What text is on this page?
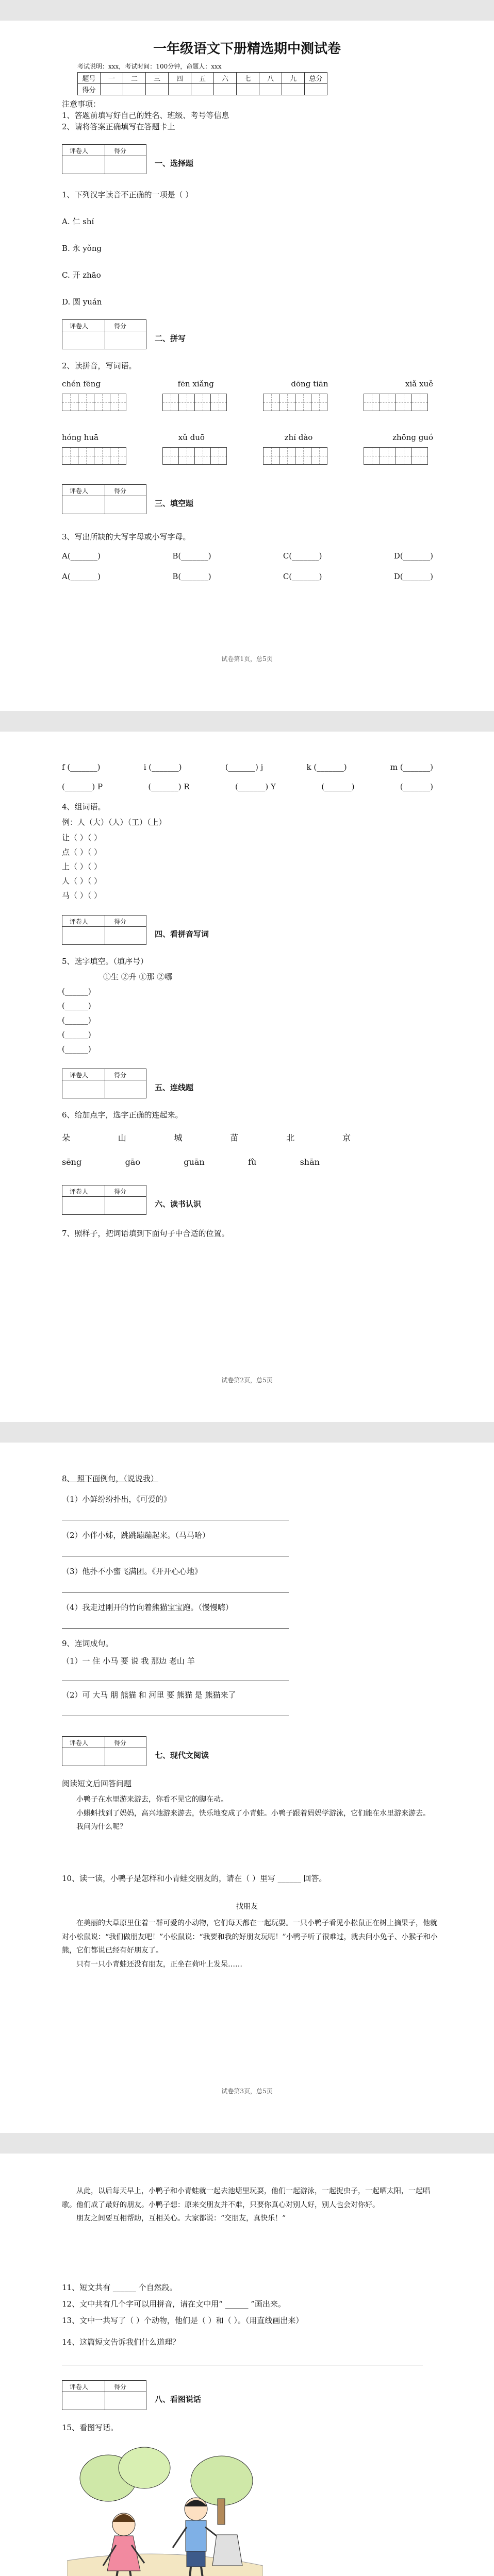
一年级语文下册精选期中测试卷
考试说明：xxx，考试时间：100分钟，命题人：xxx
题号	一	二	三	四	五	六	七	八	九	总分
得分										
注意事项：
1、答题前填写好自己的姓名、班级、考号等信息
2、请将答案正确填写在答题卡上
评卷人	得分
一、选择题
1、下列汉字读音不正确的一项是（ ）
A. 仁 shí
B. 永 yǒng
C. 开 zhāo
D. 圆 yuán
评卷人	得分
二、拼写
2、读拼音，写词语。
chén fēng	fēn xiǎng	dōng tiān	xiǎ xuě
hóng huā	xǔ duō	zhí dào	zhōng guó
评卷人	得分
三、填空题
3、写出所缺的大写字母或小写字母。
A(_______)	B(_______)	C(_______)	D(_______)
A(_______)	B(_______)	C(_______)	D(_______)
试卷第1页，总5页
f (_______)	i (_______)	(_______) j	k (_______)	m (_______)
(_______) P	(_______) R	(_______) Y	(_______)	(_______)
4、组词语。
例：人（大）（人）（工）（上）
让（ ）（ ）
点（ ）（ ）
上（ ）（ ）
人（ ）（ ）
马（ ）（ ）
评卷人	得分
四、看拼音写词
5、选字填空。（填序号）
①生 ②升 ①那 ②哪
(______)
(______)
(______)
(______)
(______)
评卷人	得分
五、连线题
6、给加点字，选字正确的连起来。
朵	山	城	苗	北	京
sēng	gāo	guān	fù	shān
评卷人	得分
六、读书认识
7、照样子，把词语填到下面句子中合适的位置。
试卷第2页，总5页
8、 照下面例句，（说说我）
（1）小鲜纷纷扑出，《可爱的》
（2）小伴小姊，跳跳蹦蹦起来。（马马哈）
（3）他扑不小蜜飞满团。《开开心心地》
（4）我走过刚开的竹向着熊猫宝宝跑。（慢慢嗨）
9、连词成句。
（1）一 住 小马 要 说 我 那边 老山 羊
（2）可 大马 朋 熊猫 和 河里 要 熊猫 是 熊猫来了
评卷人	得分
七、现代文阅读
阅读短文后回答问题

小鸭子在水里游来游去，你看不见它的脚在动。

小蝌蚪找到了妈妈，高兴地游来游去，快乐地变成了小青蛙。小鸭子跟着妈妈学游泳，它们能在水里游来游去。

我问为什么呢？

10、读一读，小鸭子是怎样和小青蛙交朋友的，请在（ ）里写 ______ 回答。
找朋友

在美丽的大草原里住着一群可爱的小动物，它们每天都在一起玩耍。一只小鸭子看见小松鼠正在树上摘果子，他就对小松鼠说：“我们做朋友吧！”小松鼠说：“我要和我的好朋友玩呢！”小鸭子听了很难过，就去问小兔子、小猴子和小熊，它们都说已经有好朋友了。

只有一只小青蛙还没有朋友，正坐在荷叶上发呆……

试卷第3页，总5页

从此，以后每天早上，小鸭子和小青蛙就一起去池塘里玩耍，他们一起游泳，一起捉虫子，一起晒太阳，一起唱歌。他们成了最好的朋友。小鸭子想：原来交朋友并不难，只要你真心对别人好，别人也会对你好。

朋友之间要互相帮助，互相关心。大家都说：“交朋友，真快乐！”

11、短文共有 ______ 个自然段。
12、文中共有几个字可以用拼音，请在文中用“ ______ ”画出来。
13、文中一共写了（ ）个动物，他们是（ ）和（ ）。（用直线画出来）
14、这篇短文告诉我们什么道理？
评卷人	得分
八、看图说话
15、看图写话。
